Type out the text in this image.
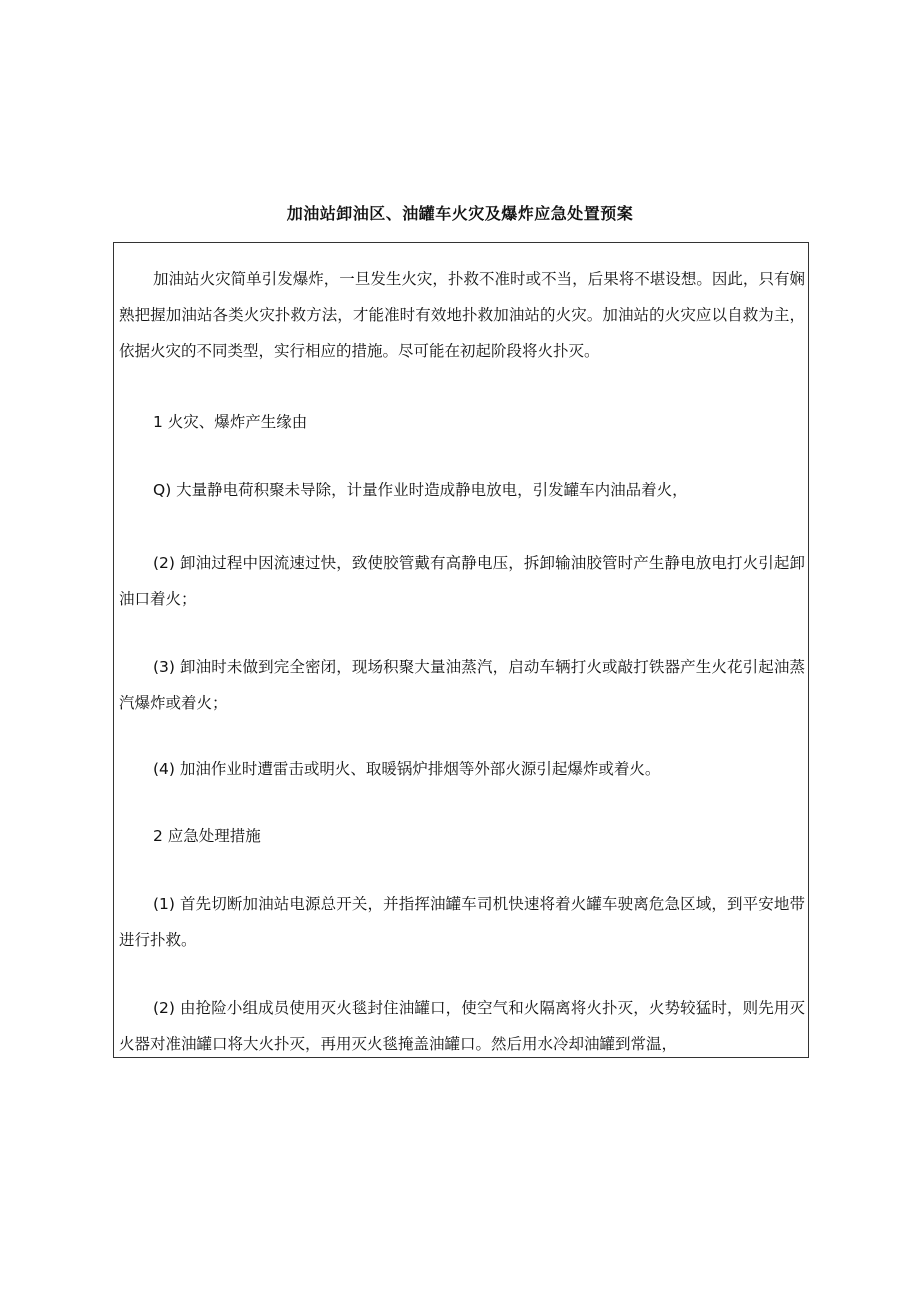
加油站卸油区、油罐车火灾及爆炸应急处置预案
加油站火灾简单引发爆炸，一旦发生火灾，扑救不准时或不当，后果将不堪设想。因此，只有娴熟把握加油站各类火灾扑救方法，才能准时有效地扑救加油站的火灾。加油站的火灾应以自救为主，依据火灾的不同类型，实行相应的措施。尽可能在初起阶段将火扑灭。
1 火灾、爆炸产生缘由
Q) 大量静电荷积聚未导除，计量作业时造成静电放电，引发罐车内油品着火，
(2) 卸油过程中因流速过快，致使胶管戴有高静电压，拆卸输油胶管时产生静电放电打火引起卸油口着火；
(3) 卸油时未做到完全密闭，现场积聚大量油蒸汽，启动车辆打火或敲打铁器产生火花引起油蒸汽爆炸或着火；
(4) 加油作业时遭雷击或明火、取暖锅炉排烟等外部火源引起爆炸或着火。
2 应急处理措施
(1) 首先切断加油站电源总开关，并指挥油罐车司机快速将着火罐车驶离危急区域，到平安地带进行扑救。
(2) 由抢险小组成员使用灭火毯封住油罐口，使空气和火隔离将火扑灭，火势较猛时，则先用灭火器对准油罐口将大火扑灭，再用灭火毯掩盖油罐口。然后用水冷却油罐到常温，
